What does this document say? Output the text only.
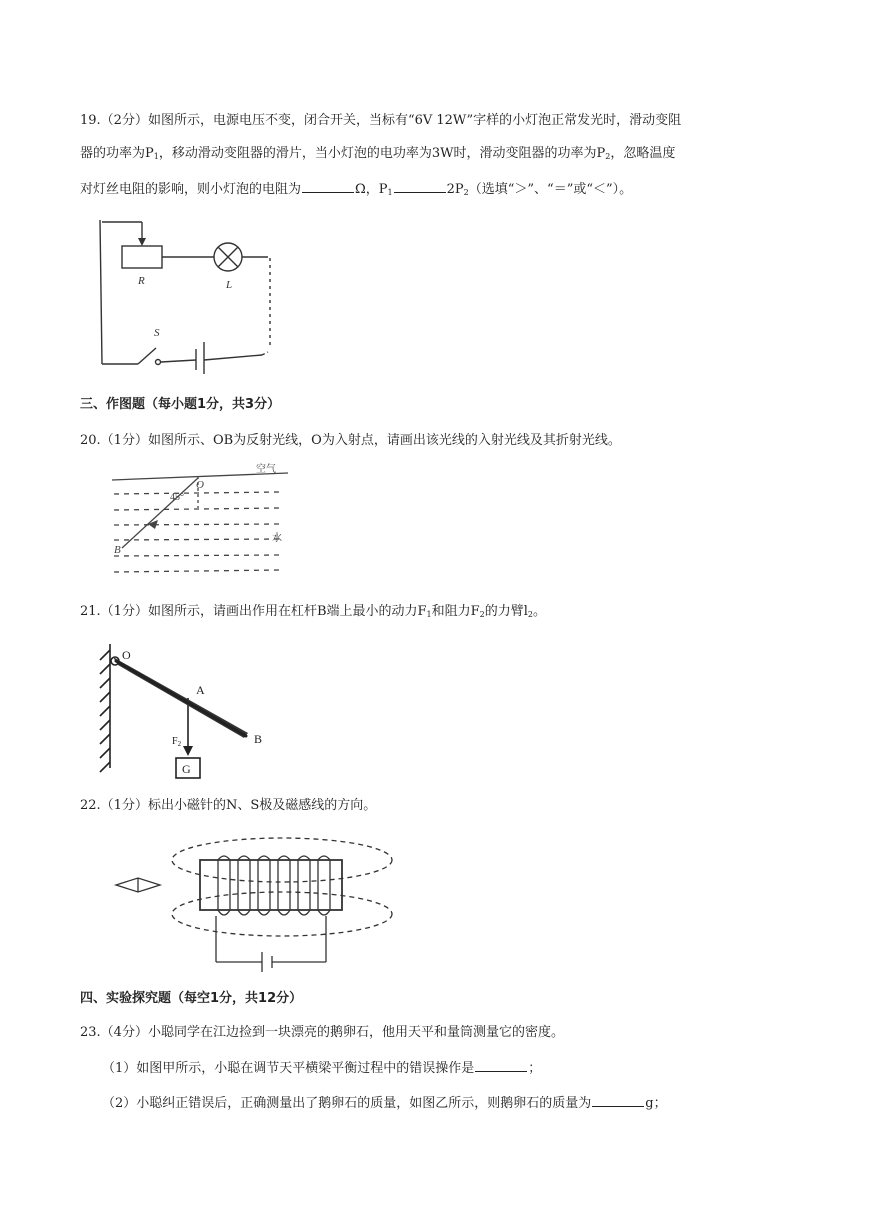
19.（2分）如图所示，电源电压不变，闭合开关，当标有“6V 12W”字样的小灯泡正常发光时，滑动变阻
器的功率为$P_1$，移动滑动变阻器的滑片，当小灯泡的电功率为3W时，滑动变阻器的功率为$P_2$，忽略温度
对灯丝电阻的影响，则小灯泡的电阻为	Ω，$P_1$	$2P_2$（选填“＞”、“＝”或“＜”）。
R	L
S
三、作图题（每小题1分，共3分）
20.（1分）如图所示、OB为反射光线，O为入射点，请画出该光线的入射光线及其折射光线。
O
45°
B
空气
水
21.（1分）如图所示，请画出作用在杠杆B端上最小的动力$F_1$和阻力$F_2$的力臂$l_2$。
O
A
B
$F_2$
G
22.（1分）标出小磁针的N、S极及磁感线的方向。
四、实验探究题（每空1分，共12分）
23.（4分）小聪同学在江边捡到一块漂亮的鹅卵石，他用天平和量筒测量它的密度。
（1）如图甲所示，小聪在调节天平横梁平衡过程中的错误操作是	；
（2）小聪纠正错误后，正确测量出了鹅卵石的质量，如图乙所示，则鹅卵石的质量为	g；
